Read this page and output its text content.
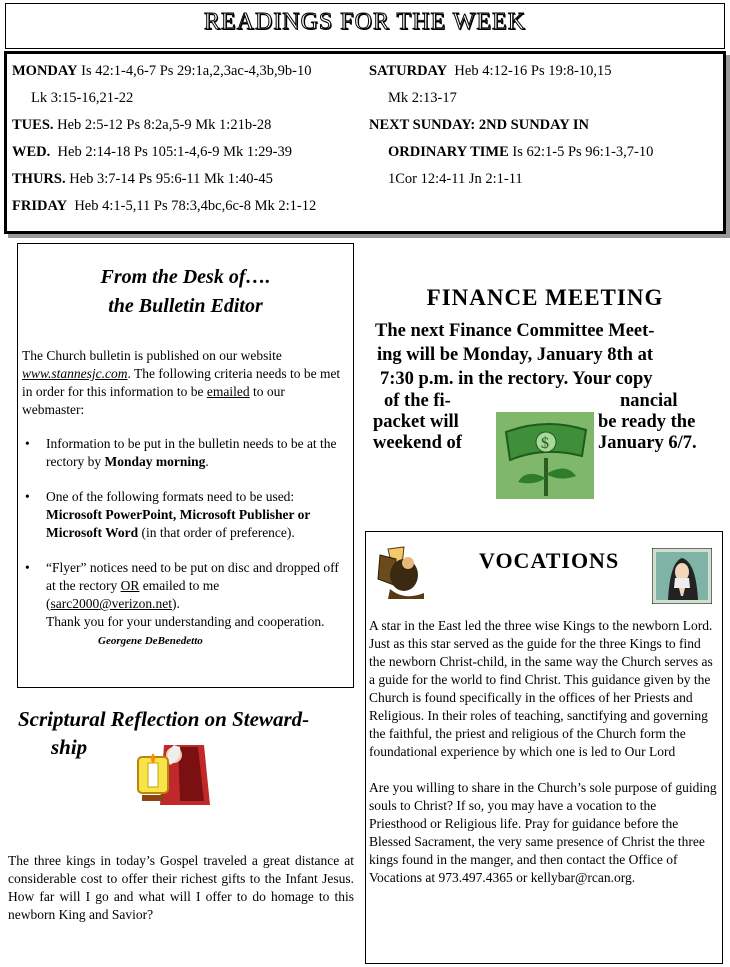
READINGS FOR THE WEEK
MONDAY Is 42:1-4,6-7 Ps 29:1a,2,3ac-4,3b,9b-10
Lk 3:15-16,21-22
TUES. Heb 2:5-12 Ps 8:2a,5-9 Mk 1:21b-28
WED. Heb 2:14-18 Ps 105:1-4,6-9 Mk 1:29-39
THURS. Heb 3:7-14 Ps 95:6-11 Mk 1:40-45
FRIDAY Heb 4:1-5,11 Ps 78:3,4bc,6c-8 Mk 2:1-12
SATURDAY Heb 4:12-16 Ps 19:8-10,15
Mk 2:13-17
NEXT SUNDAY: 2ND SUNDAY IN
ORDINARY TIME Is 62:1-5 Ps 96:1-3,7-10
1Cor 12:4-11 Jn 2:1-11
From the Desk of….
the Bulletin Editor

The Church bulletin is published on our website www.stannesjc.com. The following criteria needs to be met in order for this information to be emailed to our webmaster:

• Information to be put in the bulletin needs to be at the rectory by Monday morning.
• One of the following formats need to be used: Microsoft PowerPoint, Microsoft Publisher or Microsoft Word (in that order of preference).
• “Flyer” notices need to be put on disc and dropped off at the rectory OR emailed to me (sarc2000@verizon.net).
Thank you for your understanding and cooperation. Georgene DeBenedetto
Scriptural Reflection on Steward-
ship
The three kings in today’s Gospel traveled a great distance at considerable cost to offer their richest gifts to the Infant Jesus. How far will I go and what will I offer to do homage to this newborn King and Savior?
FINANCE MEETING
The next Finance Committee Meet-
ing will be Monday, January 8th at
7:30 p.m. in the rectory. Your copy
of the fi-	nancial
packet will	be ready the
weekend of	January 6/7.
$
VOCATIONS

A star in the East led the three wise Kings to the newborn Lord. Just as this star served as the guide for the three Kings to find the newborn Christ-child, in the same way the Church serves as a guide for the world to find Christ. This guidance given by the Church is found specifically in the offices of her Priests and Religious. In their roles of teaching, sanctifying and governing the faithful, the priest and religious of the Church form the foundational experience by which one is led to Our Lord

Are you willing to share in the Church’s sole purpose of guiding souls to Christ? If so, you may have a vocation to the Priesthood or Religious life. Pray for guidance before the Blessed Sacrament, the very same presence of Christ the three kings found in the manger, and then contact the Office of Vocations at 973.497.4365 or kellybar@rcan.org.
